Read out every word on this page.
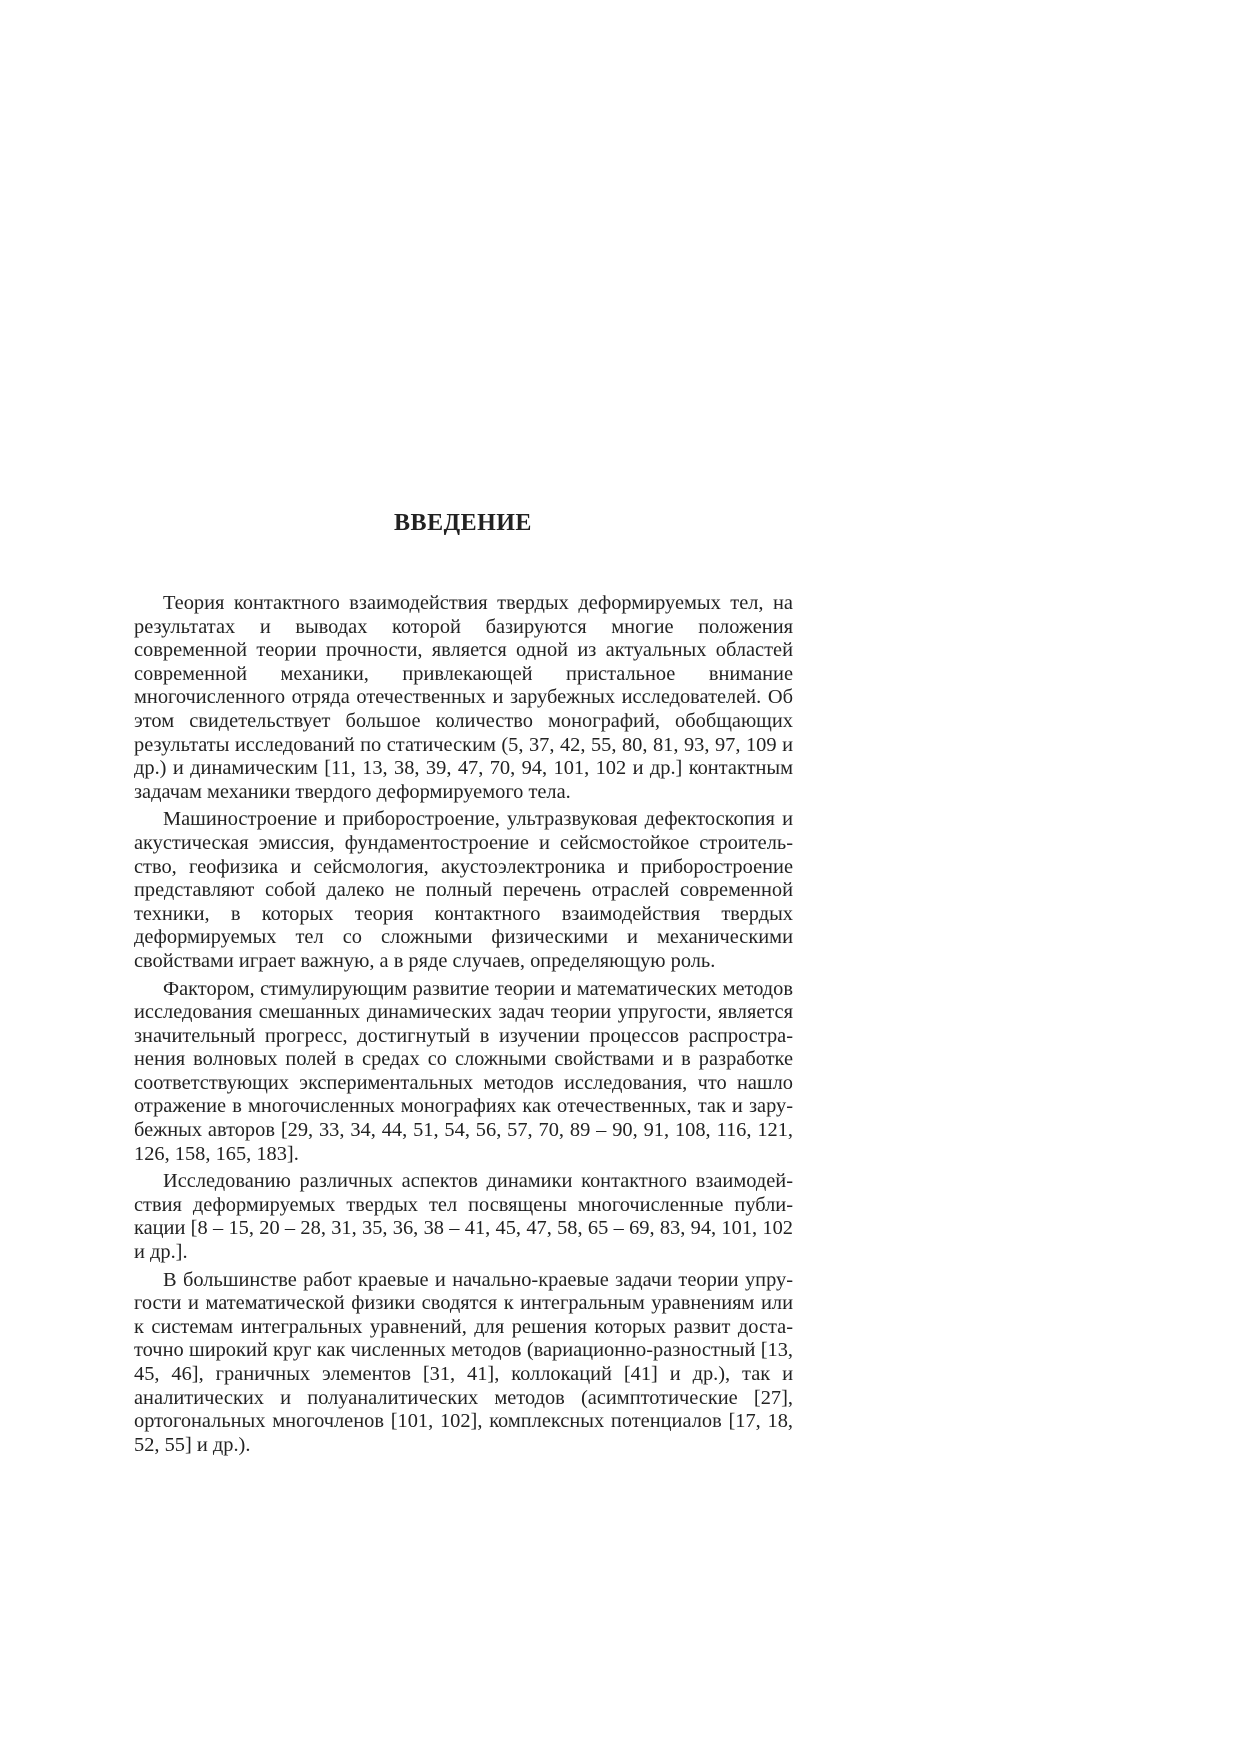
ВВЕДЕНИЕ

Теория контактного взаимодействия твердых деформируемых тел, на результатах и выводах которой базируются многие положения современной теории прочности, является одной из актуальных областей современной механики, привлекающей пристальное внимание многочисленного отряда отечественных и зарубежных исследователей. Об этом свидетельствует большое количество монографий, обобщающих результаты исследований по статическим (5, 37, 42, 55, 80, 81, 93, 97, 109 и др.) и динамическим [11, 13, 38, 39, 47, 70, 94, 101, 102 и др.] контактным задачам механики твердого деформируемого тела.

Машиностроение и приборостроение, ультразвуковая дефектоскопия и акустическая эмиссия, фундаментостроение и сейсмостойкое строительство, геофизика и сейсмология, акустоэлектроника и приборостроение представляют собой далеко не полный перечень отраслей современной техники, в которых теория контактного взаимодействия твердых деформируемых тел со сложными физическими и механическими свойствами играет важную, а в ряде случаев, определяющую роль.

Фактором, стимулирующим развитие теории и математических методов исследования смешанных динамических задач теории упругости, является значительный прогресс, достигнутый в изучении процессов распространения волновых полей в средах со сложными свойствами и в разработке соответствующих экспериментальных методов исследования, что нашло отражение в многочисленных монографиях как отечественных, так и зарубежных авторов [29, 33, 34, 44, 51, 54, 56, 57, 70, 89 – 90, 91, 108, 116, 121, 126, 158, 165, 183].

Исследованию различных аспектов динамики контактного взаимодействия деформируемых твердых тел посвящены многочисленные публикации [8 – 15, 20 – 28, 31, 35, 36, 38 – 41, 45, 47, 58, 65 – 69, 83, 94, 101, 102 и др.].

В большинстве работ краевые и начально-краевые задачи теории упругости и математической физики сводятся к интегральным уравнениям или к системам интегральных уравнений, для решения которых развит достаточно широкий круг как численных методов (вариационно-разностный [13, 45, 46], граничных элементов [31, 41], коллокаций [41] и др.), так и аналитических и полуаналитических методов (асимптотические [27], ортогональных многочленов [101, 102], комплексных потенциалов [17, 18, 52, 55] и др.).
